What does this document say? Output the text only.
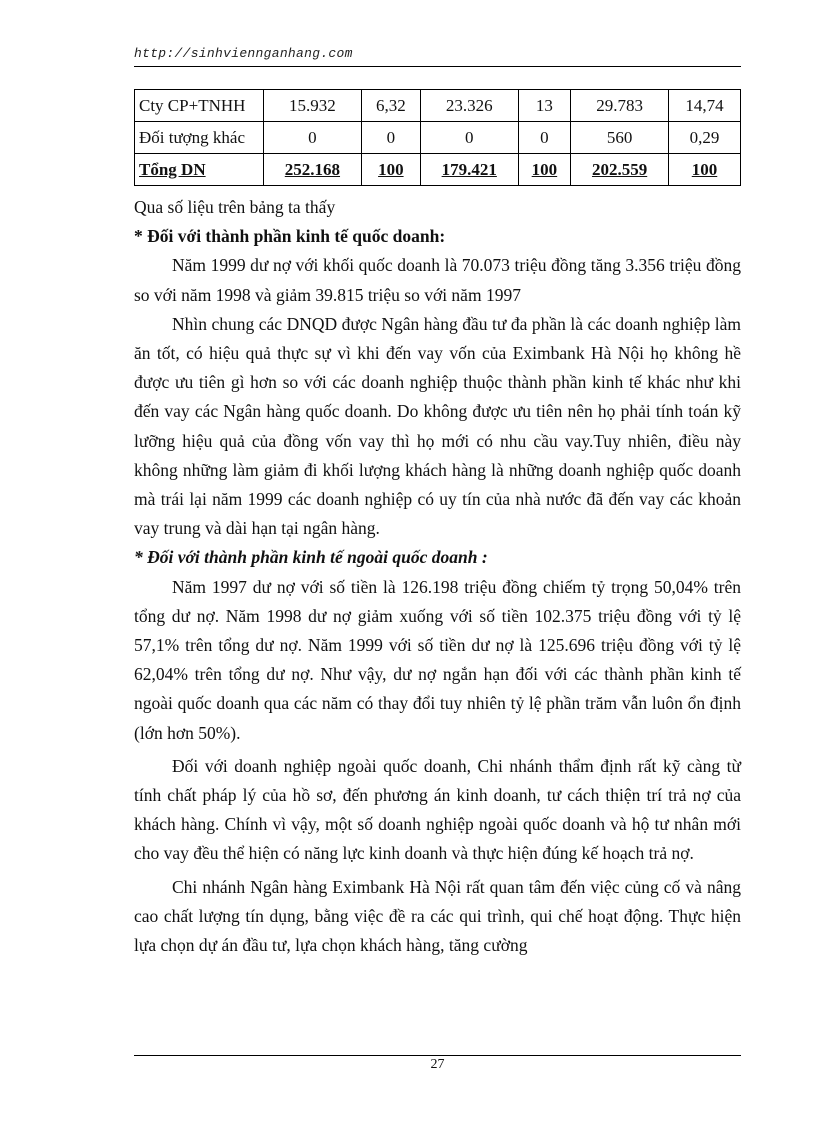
http://sinhviennganhang.com
Cty CP+TNHH	15.932	6,32	23.326	13	29.783	14,74
Đối tượng khác	0	0	0	0	560	0,29
Tổng DN	252.168	100	179.421	100	202.559	100

Qua số liệu trên bảng ta thấy

* Đối với thành phần kinh tế quốc doanh:

Năm 1999 dư nợ với khối quốc doanh là 70.073 triệu đồng tăng 3.356 triệu đồng so với năm 1998 và giảm 39.815 triệu so với năm 1997

Nhìn chung các DNQD được Ngân hàng đầu tư đa phần là các doanh nghiệp làm ăn tốt, có hiệu quả thực sự vì khi đến vay vốn của Eximbank Hà Nội họ không hề được ưu tiên gì hơn so với các doanh nghiệp thuộc thành phần kinh tế khác như khi đến vay các Ngân hàng quốc doanh. Do không được ưu tiên nên họ phải tính toán kỹ lưỡng hiệu quả của đồng vốn vay thì họ mới có nhu cầu vay.Tuy nhiên, điều này không những làm giảm đi khối lượng khách hàng là những doanh nghiệp quốc doanh mà trái lại năm 1999 các doanh nghiệp có uy tín của nhà nước đã đến vay các khoản vay trung và dài hạn tại ngân hàng.

* Đối với thành phần kinh tế ngoài quốc doanh :

Năm 1997 dư nợ với số tiền là 126.198 triệu đồng chiếm tỷ trọng 50,04% trên tổng dư nợ. Năm 1998 dư nợ giảm xuống với số tiền 102.375 triệu đồng với tỷ lệ 57,1% trên tổng dư nợ. Năm 1999 với số tiền dư nợ là 125.696 triệu đồng với tỷ lệ 62,04% trên tổng dư nợ. Như vậy, dư nợ ngắn hạn đối với các thành phần kinh tế ngoài quốc doanh qua các năm có thay đổi tuy nhiên tỷ lệ phần trăm vẫn luôn ổn định (lớn hơn 50%).

Đối với doanh nghiệp ngoài quốc doanh, Chi nhánh thẩm định rất kỹ càng từ tính chất pháp lý của hồ sơ, đến phương án kinh doanh, tư cách thiện trí trả nợ của khách hàng. Chính vì vậy, một số doanh nghiệp ngoài quốc doanh và hộ tư nhân mới cho vay đều thể hiện có năng lực kinh doanh và thực hiện đúng kế hoạch trả nợ.

Chi nhánh Ngân hàng Eximbank Hà Nội rất quan tâm đến việc củng cố và nâng cao chất lượng tín dụng, bằng việc đề ra các qui trình, qui chế hoạt động. Thực hiện lựa chọn dự án đầu tư, lựa chọn khách hàng, tăng cường

27
